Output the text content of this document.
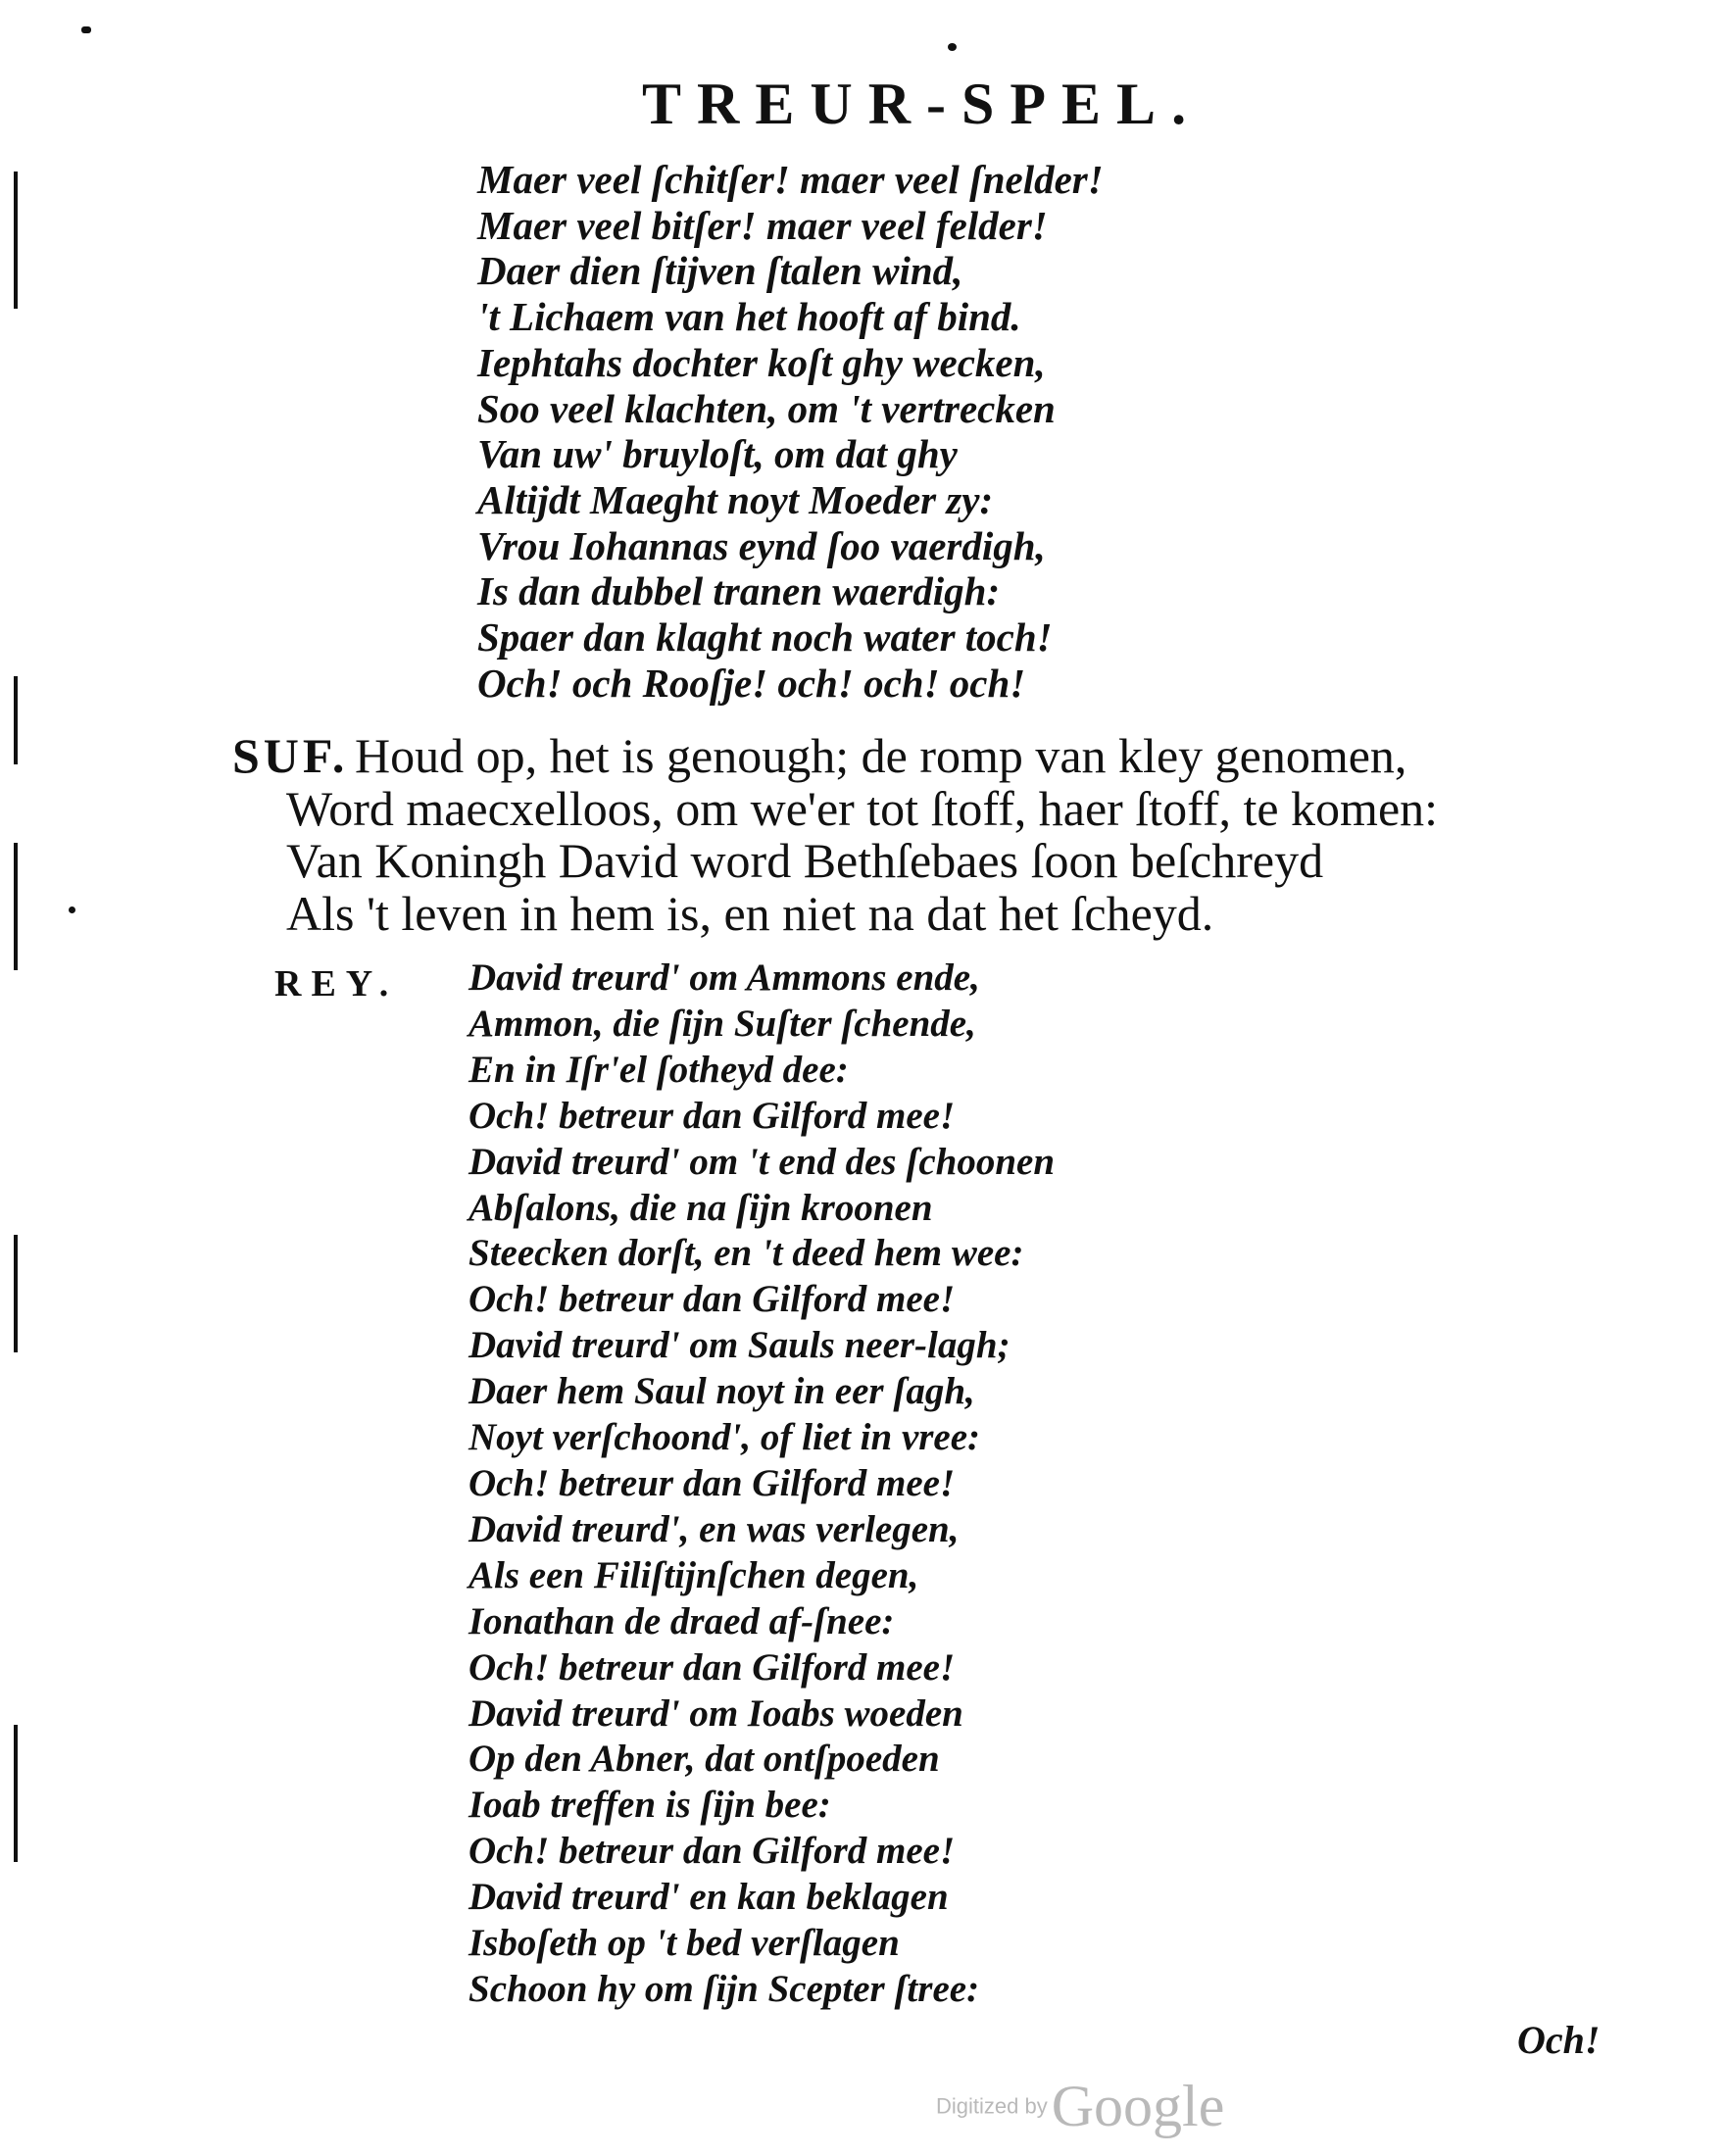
TREUR-SPEL.
Maer veel ſchitſer! maer veel ſnelder!
Maer veel bitſer! maer veel felder!
Daer dien ſtijven ſtalen wind,
't Lichaem van het hooft af bind.
Iephtahs dochter koſt ghy wecken,
Soo veel klachten, om 't vertrecken
Van uw' bruyloſt, om dat ghy
Altijdt Maeght noyt Moeder zy:
Vrou Iohannas eynd ſoo vaerdigh,
Is dan dubbel tranen waerdigh:
Spaer dan klaght noch water toch!
Och! och Rooſje! och! och! och!
SUF. Houd op, het is genough; de romp van kley genomen,
Word maecxelloos, om we'er tot ſtoff, haer ſtoff, te komen:
Van Koningh David word Bethſebaes ſoon beſchreyd
Als 't leven in hem is, en niet na dat het ſcheyd.
REY. David treurd' om Ammons ende,
Ammon, die ſijn Suſter ſchende,
En in Iſr'el ſotheyd dee:
Och! betreur dan Gilford mee!
David treurd' om 't end des ſchoonen
Abſalons, die na ſijn kroonen
Steecken dorſt, en 't deed hem wee:
Och! betreur dan Gilford mee!
David treurd' om Sauls neer-lagh;
Daer hem Saul noyt in eer ſagh,
Noyt verſchoond', of liet in vree:
Och! betreur dan Gilford mee!
David treurd', en was verlegen,
Als een Filiſtijnſchen degen,
Ionathan de draed af-ſnee:
Och! betreur dan Gilford mee!
David treurd' om Ioabs woeden
Op den Abner, dat ontſpoeden
Ioab treffen is ſijn bee:
Och! betreur dan Gilford mee!
David treurd' en kan beklagen
Isboſeth op 't bed verſlagen
Schoon hy om ſijn Scepter ſtree:
Och!
Digitized by Google
